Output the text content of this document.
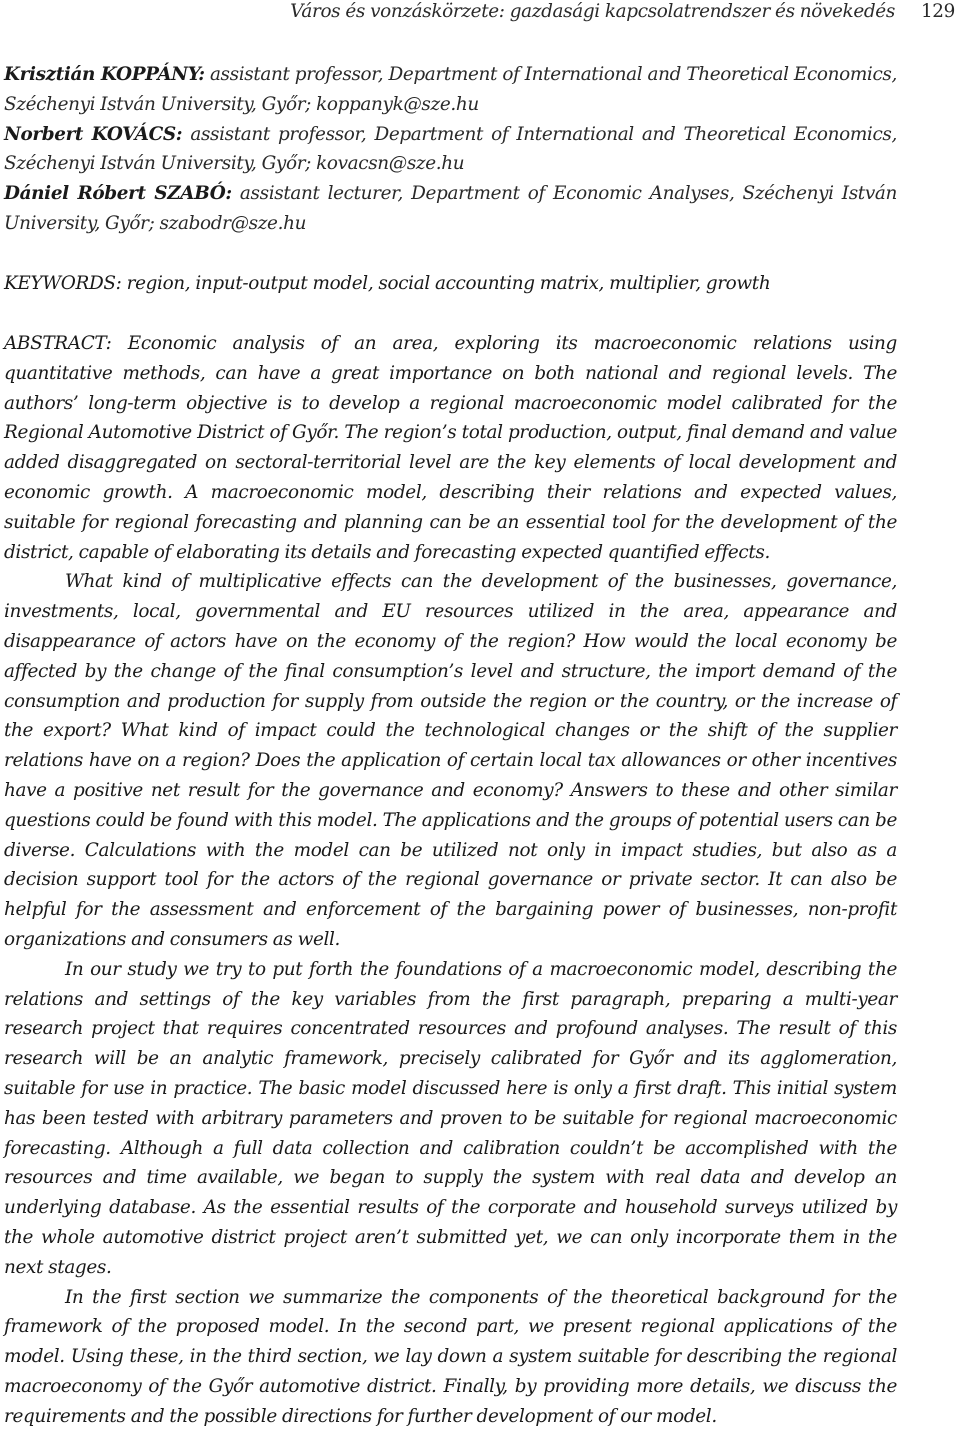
Város és vonzáskörzete: gazdasági kapcsolatrendszer és növekedés 129

Krisztián KOPPÁNY: assistant professor, Department of International and Theoretical Economics, Széchenyi István University, Győr; koppanyk@sze.hu

Norbert KOVÁCS: assistant professor, Department of International and Theoretical Economics, Széchenyi István University, Győr; kovacsn@sze.hu

Dániel Róbert SZABÓ: assistant lecturer, Department of Economic Analyses, Széchenyi István University, Győr; szabodr@sze.hu

KEYWORDS: region, input-output model, social accounting matrix, multiplier, growth

ABSTRACT: Economic analysis of an area, exploring its macroeconomic relations using quantitative methods, can have a great importance on both national and regional levels. The authors’ long-term objective is to develop a regional macroeconomic model calibrated for the Regional Automotive District of Győr. The region’s total production, output, final demand and value added disaggregated on sectoral-territorial level are the key elements of local development and economic growth. A macroeconomic model, describing their relations and expected values, suitable for regional forecasting and planning can be an essential tool for the development of the district, capable of elaborating its details and forecasting expected quantified effects.

What kind of multiplicative effects can the development of the businesses, governance, investments, local, governmental and EU resources utilized in the area, appearance and disappearance of actors have on the economy of the region? How would the local economy be affected by the change of the final consumption’s level and structure, the import demand of the consumption and production for supply from outside the region or the country, or the increase of the export? What kind of impact could the technological changes or the shift of the supplier relations have on a region? Does the application of certain local tax allowances or other incentives have a positive net result for the governance and economy? Answers to these and other similar questions could be found with this model. The applications and the groups of potential users can be diverse. Calculations with the model can be utilized not only in impact studies, but also as a decision support tool for the actors of the regional governance or private sector. It can also be helpful for the assessment and enforcement of the bargaining power of businesses, non-profit organizations and consumers as well.

In our study we try to put forth the foundations of a macroeconomic model, describing the relations and settings of the key variables from the first paragraph, preparing a multi-year research project that requires concentrated resources and profound analyses. The result of this research will be an analytic framework, precisely calibrated for Győr and its agglomeration, suitable for use in practice. The basic model discussed here is only a first draft. This initial system has been tested with arbitrary parameters and proven to be suitable for regional macroeconomic forecasting. Although a full data collection and calibration couldn’t be accomplished with the resources and time available, we began to supply the system with real data and develop an underlying database. As the essential results of the corporate and household surveys utilized by the whole automotive district project aren’t submitted yet, we can only incorporate them in the next stages.

In the first section we summarize the components of the theoretical background for the framework of the proposed model. In the second part, we present regional applications of the model. Using these, in the third section, we lay down a system suitable for describing the regional macroeconomy of the Győr automotive district. Finally, by providing more details, we discuss the requirements and the possible directions for further development of our model.
